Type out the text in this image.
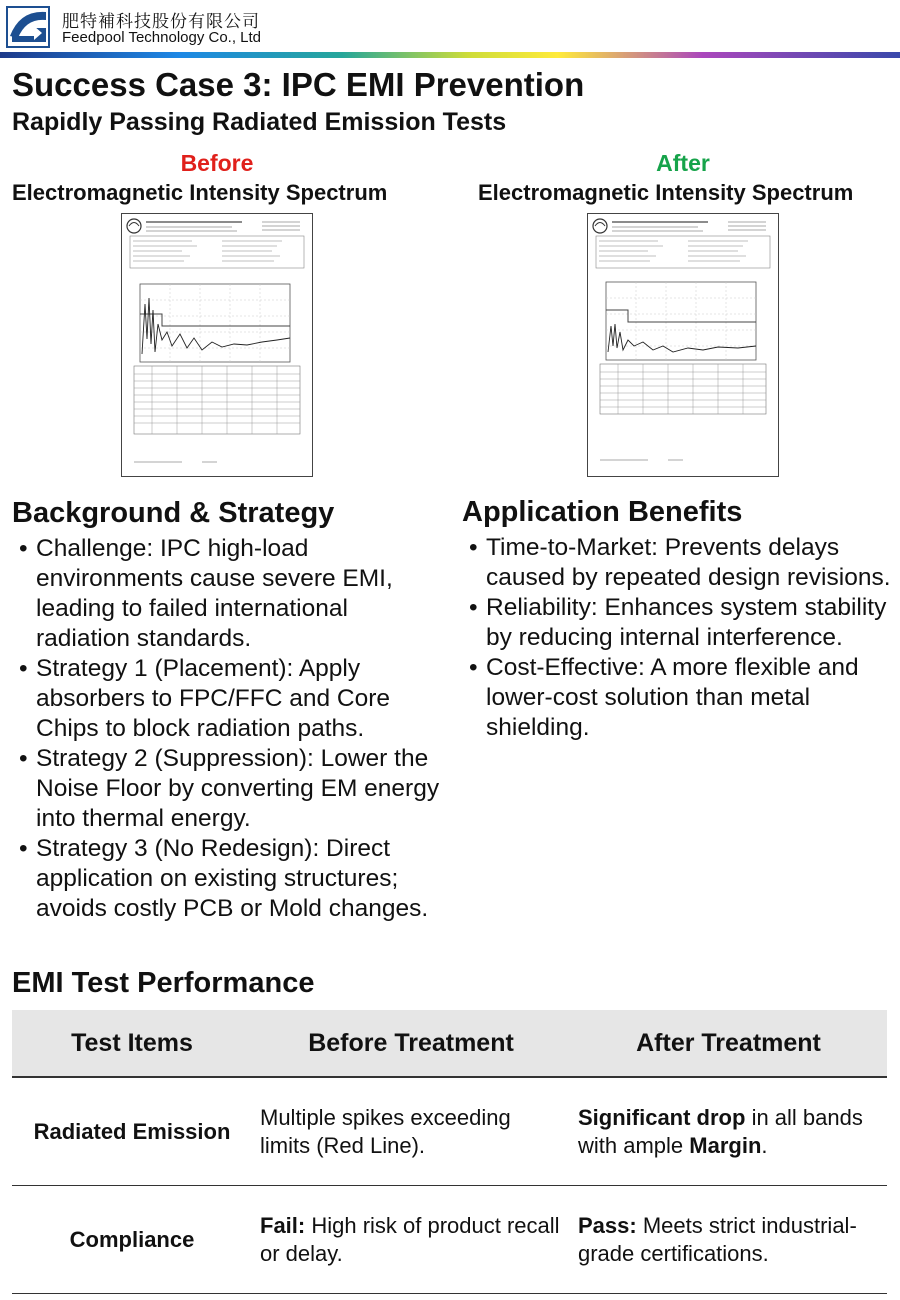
肥特補科技股份有限公司
Feedpool Technology Co., Ltd
Success Case 3: IPC EMI Prevention
Rapidly Passing Radiated Emission Tests
Before	After
Electromagnetic Intensity Spectrum	Electromagnetic Intensity Spectrum
Background & Strategy
• Challenge: IPC high-load environments cause severe EMI, leading to failed international radiation standards.
• Strategy 1 (Placement): Apply absorbers to FPC/FFC and Core Chips to block radiation paths.
• Strategy 2 (Suppression): Lower the Noise Floor by converting EM energy into thermal energy.
• Strategy 3 (No Redesign): Direct application on existing structures; avoids costly PCB or Mold changes.
Application Benefits
• Time-to-Market: Prevents delays caused by repeated design revisions.
• Reliability: Enhances system stability by reducing internal interference.
• Cost-Effective: A more flexible and lower-cost solution than metal shielding.
EMI Test Performance
Test Items	Before Treatment	After Treatment
Radiated Emission	Multiple spikes exceeding limits (Red Line).	Significant drop in all bands with ample Margin.
Compliance	Fail: High risk of product recall or delay.	Pass: Meets strict industrial-grade certifications.
